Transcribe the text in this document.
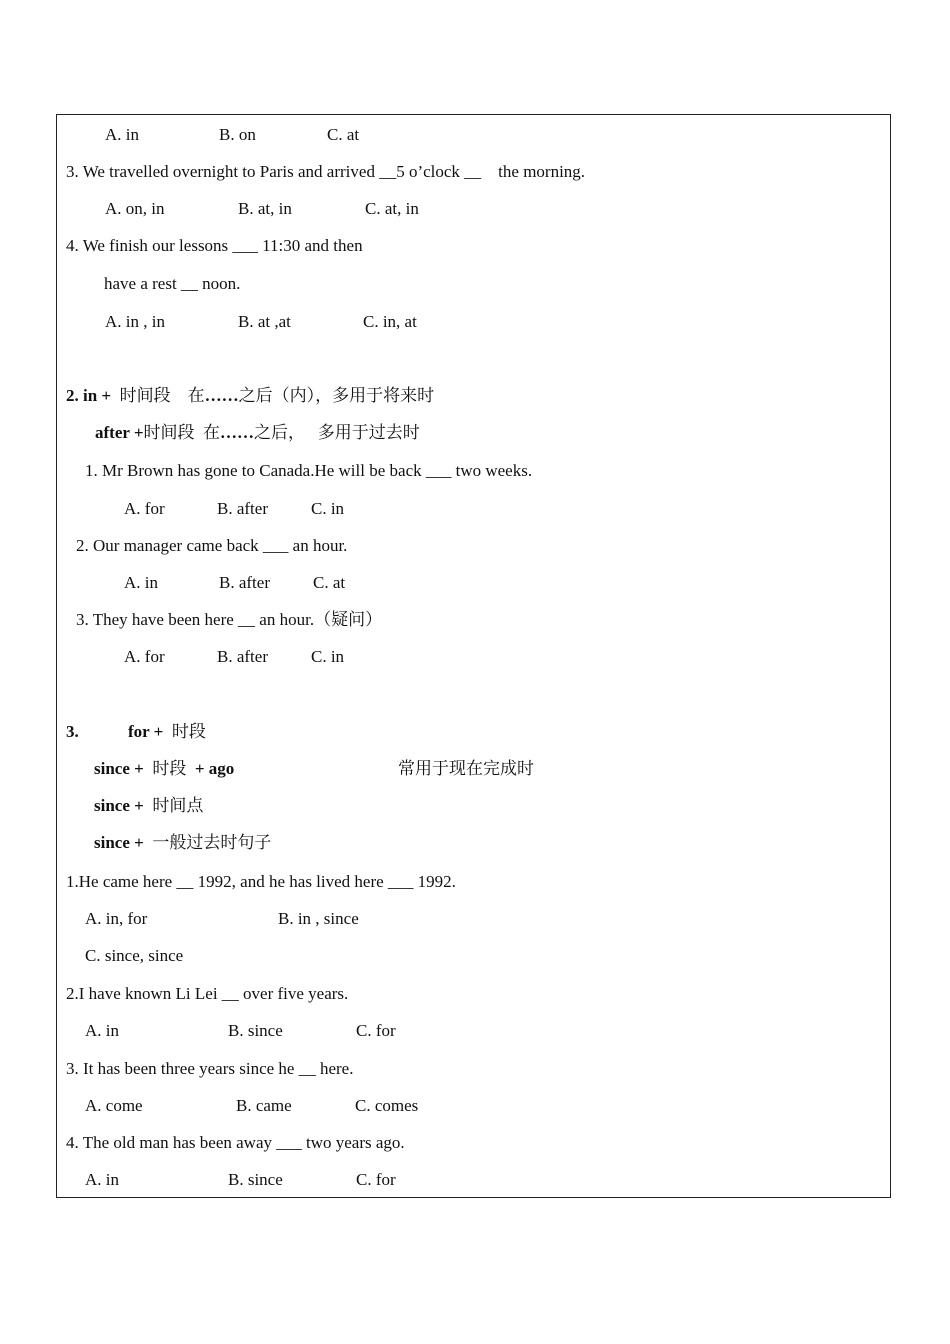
A. in	B. on	C. at
3. We travelled overnight to Paris and arrived __5 o’clock __    the morning.
A. on, in	B. at, in	C. at, in
4. We finish our lessons ___ 11:30 and then
have a rest __ noon.
A. in , in	B. at ,at	C. in, at
2. in + 时间段    在……之后（内），多用于将来时
after +时间段  在……之后，   多用于过去时
1. Mr Brown has gone to Canada.He will be back ___ two weeks.
A. for	B. after	C. in
2. Our manager came back ___ an hour.
A. in	B. after	C. at
3. They have been here __ an hour.（疑问）
A. for	B. after	C. in
3.	for + 时段
since + 时段 + ago	常用于现在完成时
since + 时间点
since + 一般过去时句子
1.He came here __ 1992, and he has lived here ___ 1992.
A. in, for	B. in , since
C. since, since
2.I have known Li Lei __ over five years.
A. in	B. since	C. for
3. It has been three years since he __ here.
A. come	B. came	C. comes
4. The old man has been away ___ two years ago.
A. in	B. since	C. for
